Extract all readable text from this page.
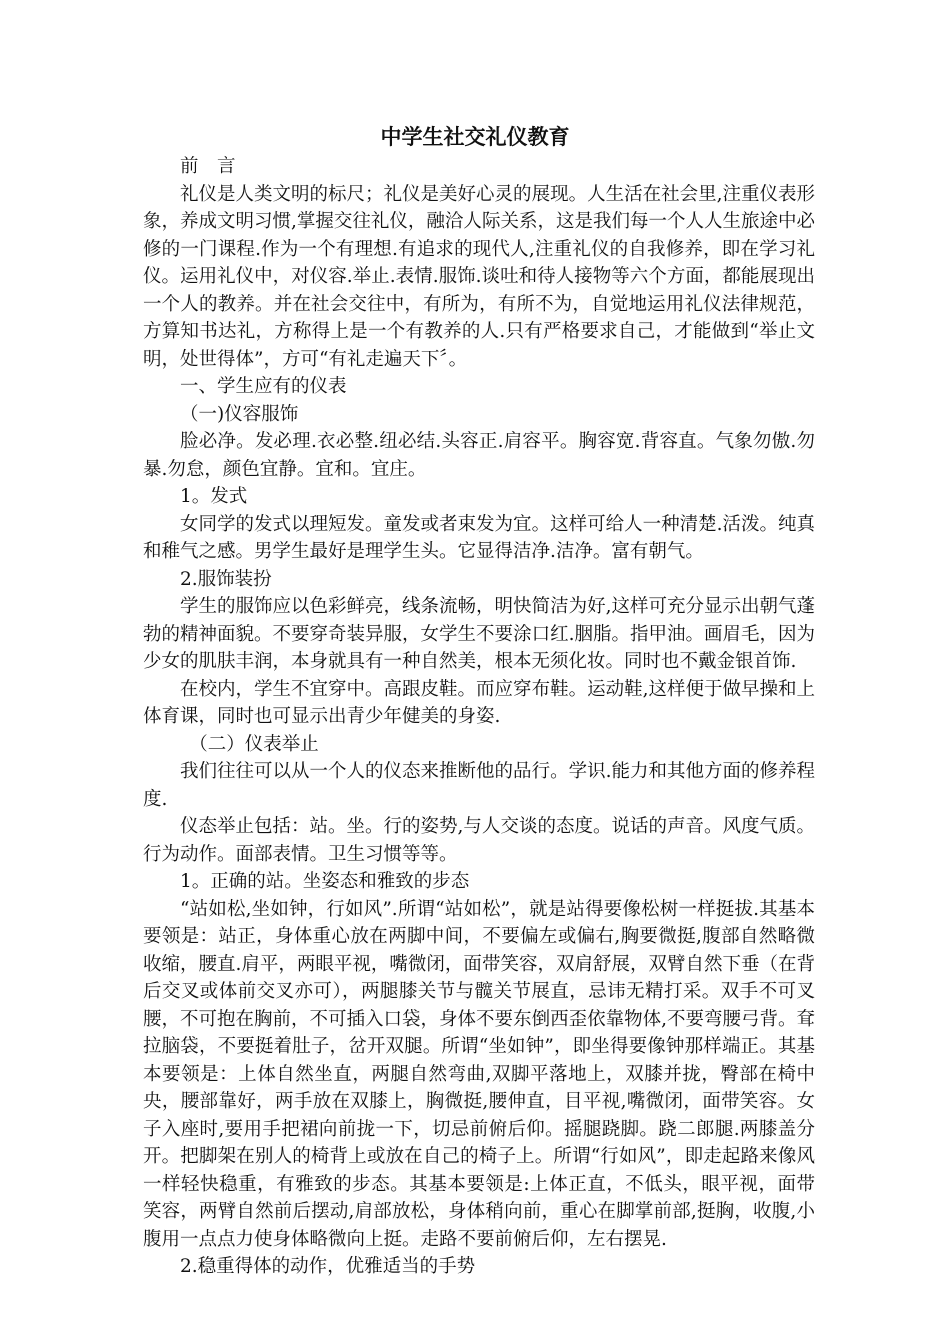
中学生社交礼仪教育

前　言

礼仪是人类文明的标尺；礼仪是美好心灵的展现。人生活在社会里,注重仪表形象，养成文明习惯,掌握交往礼仪，融洽人际关系，这是我们每一个人人生旅途中必修的一门课程.作为一个有理想.有追求的现代人,注重礼仪的自我修养，即在学习礼仪。运用礼仪中，对仪容.举止.表情.服饰.谈吐和待人接物等六个方面，都能展现出一个人的教养。并在社会交往中，有所为，有所不为，自觉地运用礼仪法律规范，方算知书达礼，方称得上是一个有教养的人.只有严格要求自己，才能做到“举止文明，处世得体”，方可“有礼走遍天下〞。

一、学生应有的仪表

（一)仪容服饰

脸必净。发必理.衣必整.纽必结.头容正.肩容平。胸容宽.背容直。气象勿傲.勿暴.勿怠，颜色宜静。宜和。宜庄。

1。发式

女同学的发式以理短发。童发或者束发为宜。这样可给人一种清楚.活泼。纯真和稚气之感。男学生最好是理学生头。它显得洁净.洁净。富有朝气。

2.服饰装扮

学生的服饰应以色彩鲜亮，线条流畅，明快简洁为好,这样可充分显示出朝气蓬勃的精神面貌。不要穿奇装异服，女学生不要涂口红.胭脂。指甲油。画眉毛，因为少女的肌肤丰润，本身就具有一种自然美，根本无须化妆。同时也不戴金银首饰.

在校内，学生不宜穿中。高跟皮鞋。而应穿布鞋。运动鞋,这样便于做早操和上体育课，同时也可显示出青少年健美的身姿.

（二）仪表举止

我们往往可以从一个人的仪态来推断他的品行。学识.能力和其他方面的修养程度.

仪态举止包括：站。坐。行的姿势,与人交谈的态度。说话的声音。风度气质。行为动作。面部表情。卫生习惯等等。

1。正确的站。坐姿态和雅致的步态

“站如松,坐如钟，行如风”.所谓“站如松”，就是站得要像松树一样挺拔.其基本要领是：站正，身体重心放在两脚中间，不要偏左或偏右,胸要微挺,腹部自然略微收缩，腰直.肩平，两眼平视，嘴微闭，面带笑容，双肩舒展，双臂自然下垂（在背后交叉或体前交叉亦可），两腿膝关节与髋关节展直，忌讳无精打采。双手不可叉腰，不可抱在胸前，不可插入口袋，身体不要东倒西歪依靠物体,不要弯腰弓背。耷拉脑袋，不要挺着肚子，岔开双腿。所谓“坐如钟”，即坐得要像钟那样端正。其基本要领是：上体自然坐直，两腿自然弯曲,双脚平落地上，双膝并拢，臀部在椅中央，腰部靠好，两手放在双膝上，胸微挺,腰伸直，目平视,嘴微闭，面带笑容。女子入座时,要用手把裙向前拢一下，切忌前俯后仰。摇腿跷脚。跷二郎腿.两膝盖分开。把脚架在别人的椅背上或放在自己的椅子上。所谓“行如风”，即走起路来像风一样轻快稳重，有雅致的步态。其基本要领是:上体正直，不低头，眼平视，面带笑容，两臂自然前后摆动,肩部放松，身体稍向前，重心在脚掌前部,挺胸，收腹,小腹用一点点力使身体略微向上挺。走路不要前俯后仰，左右摆晃.

2.稳重得体的动作，优雅适当的手势
